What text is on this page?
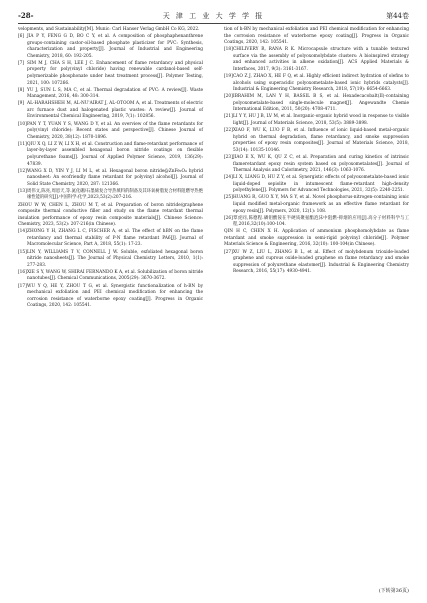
-28-	天 津 工 业 大 学 学 报	第44卷

velopments, and Sustainability[M]. Munic: Carl Hanser Verlag GmbH Co KG, 2022.

[6] JIA P Y, FENG G D, BO C Y, et al. A composition of phosphaphenanthrene groups-containing castor-oil-based phosphate plasticizer for PVC: Synthesis, characterization and property[J]. Journal of Industrial and Engineering Chemistry, 2018, 60: 192-205.

[7] SIM M J, CHA S H, LEE J C. Enhancement of flame retardancy and physical property for poly(vinyl chloride) having renewable cardanol-based self-polymerizable phosphonate under heat treatment process[J]. Polymer Testing, 2021, 100: 107266.

[8] YU J, SUN L S, MA C, et al. Thermal degradation of PVC: A review[J]. Waste Management, 2016, 48: 300-314.

[9] AL-HARAHSHEH M, AL-NU'AIRAT J, AL-OTOOM A, et al. Treatments of electric arc furnace dust and halogenated plastic wastes: A review[J]. Journal of Environmental Chemical Engineering, 2019, 7(1): 102856.

[10]PAN Y T, YUAN Y S, WANG D Y, et al. An overview of the flame retardants for poly(vinyl chloride): Recent states and perspective[J]. Chinese Journal of Chemistry, 2020, 38(12): 1870-1896.

[11]QIU X Q, LI Z W, LI X H, et al. Construction and flame-retardant performance of layer-by-layer assembled hexagonal boron nitride coatings on flexible polyurethane foams[J]. Journal of Applied Polymer Science, 2019, 136(29): 47839.

[12]WANG X D, YIN Y J, LI M L, et al. Hexagonal boron nitride@ZnFe₂O₄ hybrid nanosheet: An ecofriendly flame retardant for polyvinyl alcohol[J]. Journal of Solid State Chemistry, 2020, 287: 121366.

[13]周伟文,陈亮,周恩天,等.氮化硼/石墨烯复合导热填料的制备及其环氧树脂复合材料阻燃导热绝缘性能的研究[J].中国科学:化学,2023,53(2):207-216.

ZHOU W W, CHEN L, ZHOU M T, et al. Preparation of boron nitride/graphene composite thermal conductive filler and study on the flame retardant thermal insulation performance of epoxy resin composite materials[J]. Chinese Science: Chemistry, 2023, 53(2): 207-216(in Chinese).

[14]ZHONG Y H, ZHANG L C, FISCHER A, et al. The effect of hBN on the flame retardancy and thermal stability of P-N flame retardant PA6[J]. Journal of Macromolecular Science, Part A, 2018, 55(1): 17-23.

[15]LIN Y, WILLIAMS T V, CONNELL J W. Soluble, exfoliated hexagonal boron nitride nanosheets[J]. The Journal of Physical Chemistry Letters, 2010, 1(1): 277-283.

[16]XIE S Y, WANG W, SHIRAI FERNANDO K A, et al. Solubilization of boron nitride nanotubes[J]. Chemical Communications, 2005(29): 3670-3672.

[17]WU Y Q, HE Y, ZHOU T G, et al. Synergistic functionalization of h-BN by mechanical exfoliation and PEI chemical modification for enhancing the corrosion resistance of waterborne epoxy coating[J]. Progress in Organic Coatings, 2020, 142: 105541.

tion of h-BN by mechanical exfoliation and PEI chemical modification for enhancing the corrosion resistance of waterborne epoxy coating[J]. Progress in Organic Coatings, 2020, 142: 105541.

[18]CHILIVERY R, RANA R K. Microcapsule structure with a tunable textured surface via the assembly of polyoxomolybdate clusters: A bioinspired strategy and enhanced activities in alkene oxidation[J]. ACS Applied Materials & Interfaces, 2017, 9(3): 3161-3167.

[19]CAO Z J, ZHAO X, HE F Q, et al. Highly efficient indirect hydration of olefins to alcohols using superacidic polyoxometalate-based ionic hybrids catalysts[J]. Industrial & Engineering Chemistry Research, 2018, 57(19): 6654-6663.

[20]IBRAHIM M, LAN Y H, BASSIL B S, et al. Hexadecacobalt(II)-containing polyoxometalate-based single-molecule magnet[J]. Angewandte Chemie International Edition, 2011, 50(20): 4708-4711.

[21]LI Y Y, HU J B, LV M, et al. Inorganic-organic hybrid wood in response to visible light[J]. Journal of Materials Science, 2018, 53(5): 3889-3898.

[22]XIAO F, WU K, LUO F B, et al. Influence of ionic liquid-based metal-organic hybrid on thermal degradation, flame retardancy, and smoke suppression properties of epoxy resin composites[J]. Journal of Materials Science, 2018, 53(14): 10135-10146.

[23]JIAO E X, WU K, QU Z C, et al. Preparation and curing kinetics of intrinsic flameretardant epoxy resin system based on polyoxometalates[J]. Journal of Thermal Analysis and Calorimetry, 2021, 146(3): 1063-1076.

[24]LI X, LIANG D, HU Z Y, et al. Synergistic effects of polyoxometalate-based ionic liquid-doped sepiolite in intumescent flame-retardant high-density polyethylene[J]. Polymers for Advanced Technologies, 2021, 32(5): 2240-2251.

[25]HUANG R, GUO X Y, MA S Y, et al. Novel phosphorus-nitrogen-containing ionic liquid modified metal-organic framework as an effective flame retardant for epoxy resin[J]. Polymers, 2020, 12(1): 108.

[26]覃虎同,陈德程.磷钼酸铵在半硬质聚氨酯泡沫中阻燃-抑烟的应用[J].高分子材料科学与工程,2016,32(10):100-104.

QIN H C, CHEN X H. Application of ammonium phosphomolybdate as flame retardant and smoke suppression in semi-rigid polyvinyl chloride[J]. Polymer Materials Science & Engineering, 2016, 32(10): 100-104(in Chinese).

[27]XU W Z, LIU L, ZHANG B L, et al. Effect of molybdenum trioxide-loaded graphene and cuprous oxide-loaded graphene on flame retardancy and smoke suppression of polyurethane elastomer[J]. Industrial & Engineering Chemistry Research, 2016, 55(17): 4930-4941.

(下转第36页)
